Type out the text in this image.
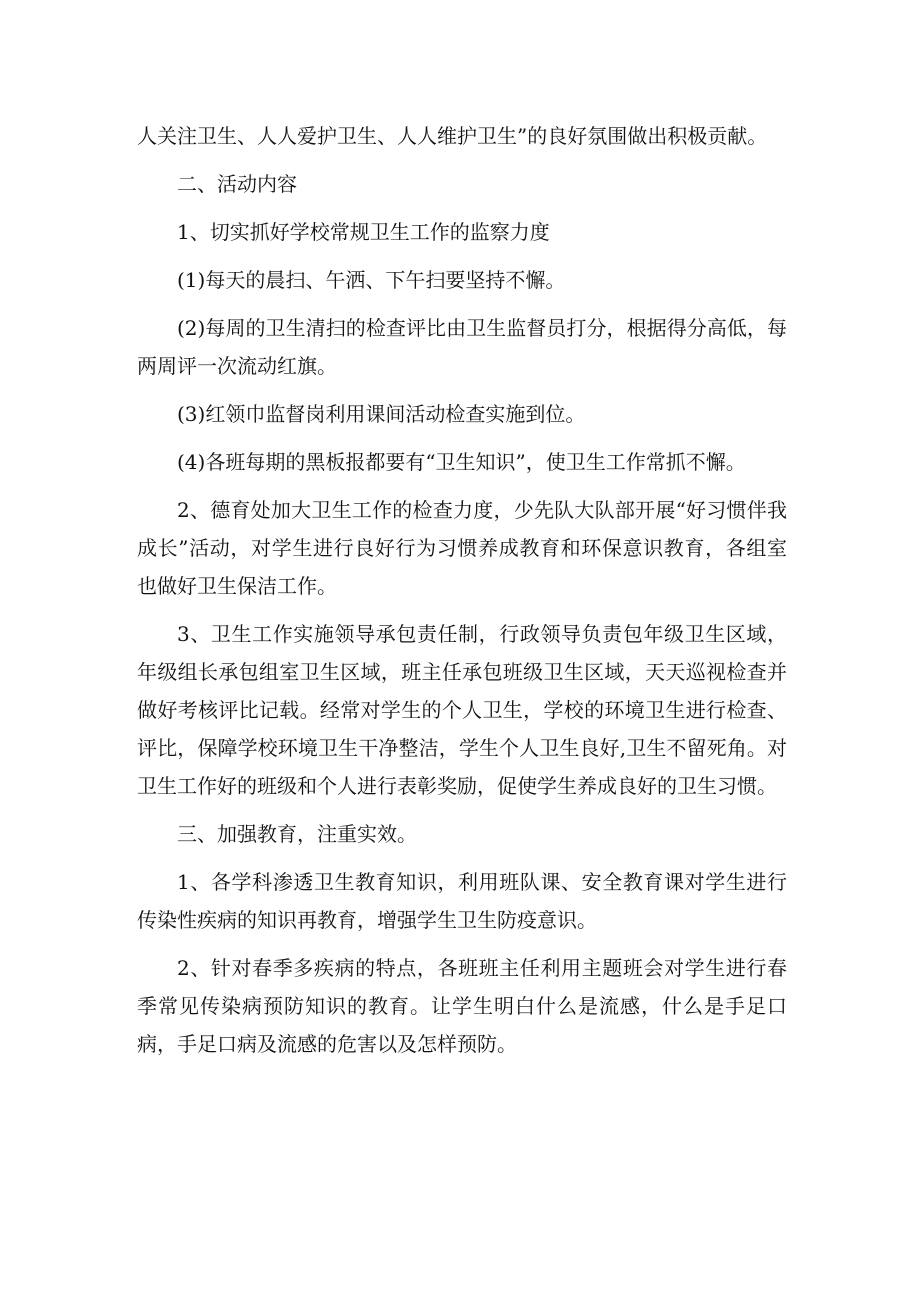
人关注卫生、人人爱护卫生、人人维护卫生”的良好氛围做出积极贡献。

二、活动内容

1、切实抓好学校常规卫生工作的监察力度

(1)每天的晨扫、午洒、下午扫要坚持不懈。

(2)每周的卫生清扫的检查评比由卫生监督员打分，根据得分高低，每两周评一次流动红旗。

(3)红领巾监督岗利用课间活动检查实施到位。

(4)各班每期的黑板报都要有“卫生知识”，使卫生工作常抓不懈。

2、德育处加大卫生工作的检查力度，少先队大队部开展“好习惯伴我成长”活动，对学生进行良好行为习惯养成教育和环保意识教育，各组室也做好卫生保洁工作。

3、卫生工作实施领导承包责任制，行政领导负责包年级卫生区域，年级组长承包组室卫生区域，班主任承包班级卫生区域，天天巡视检查并做好考核评比记载。经常对学生的个人卫生，学校的环境卫生进行检查、评比，保障学校环境卫生干净整洁，学生个人卫生良好,卫生不留死角。对卫生工作好的班级和个人进行表彰奖励，促使学生养成良好的卫生习惯。

三、加强教育，注重实效。

1、各学科渗透卫生教育知识，利用班队课、安全教育课对学生进行传染性疾病的知识再教育，增强学生卫生防疫意识。

2、针对春季多疾病的特点，各班班主任利用主题班会对学生进行春季常见传染病预防知识的教育。让学生明白什么是流感，什么是手足口病，手足口病及流感的危害以及怎样预防。
